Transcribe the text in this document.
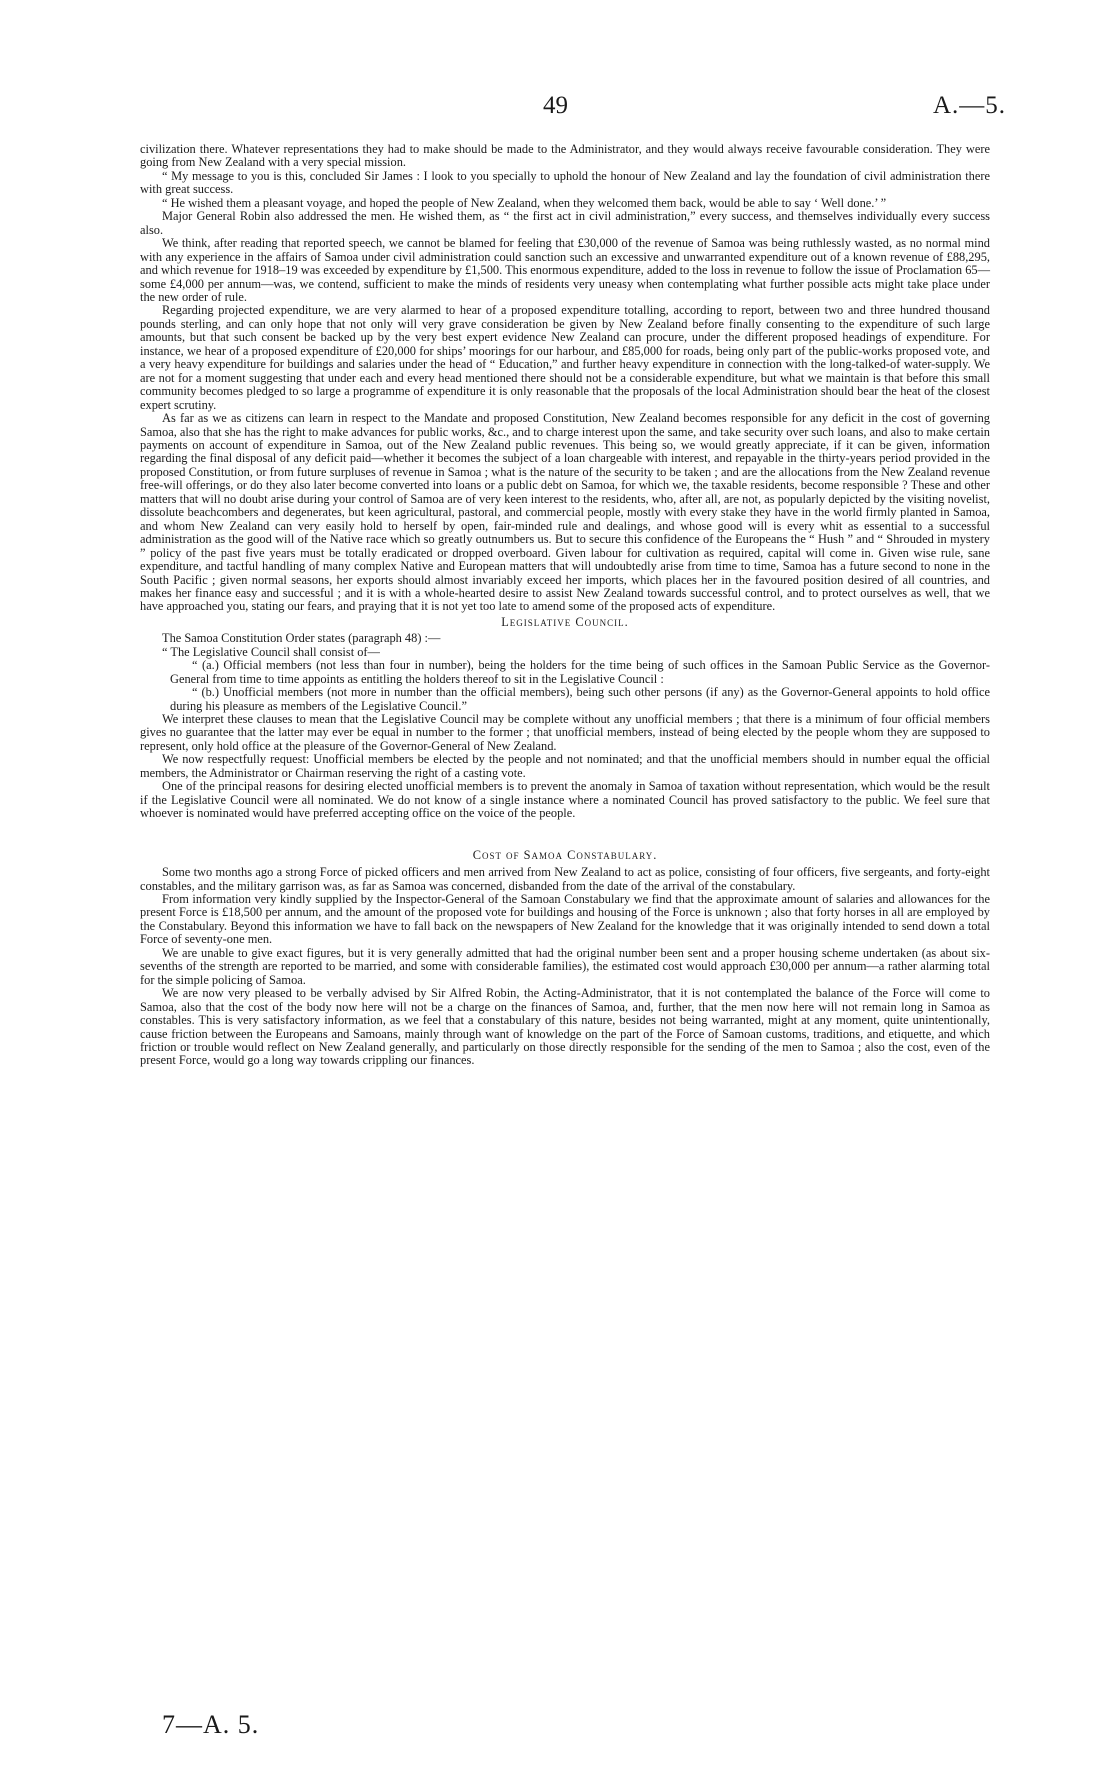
49	A.—5.

civilization there. Whatever representations they had to make should be made to the Administrator, and they would always receive favourable consideration. They were going from New Zealand with a very special mission.

“ My message to you is this, concluded Sir James : I look to you specially to uphold the honour of New Zealand and lay the foundation of civil administration there with great success.

“ He wished them a pleasant voyage, and hoped the people of New Zealand, when they welcomed them back, would be able to say ‘ Well done.’ ”

Major General Robin also addressed the men. He wished them, as “ the first act in civil administration,” every success, and themselves individually every success also.

We think, after reading that reported speech, we cannot be blamed for feeling that £30,000 of the revenue of Samoa was being ruthlessly wasted, as no normal mind with any experience in the affairs of Samoa under civil administration could sanction such an excessive and unwarranted expenditure out of a known revenue of £88,295, and which revenue for 1918–19 was exceeded by expenditure by £1,500. This enormous expenditure, added to the loss in revenue to follow the issue of Proclamation 65—some £4,000 per annum—was, we contend, sufficient to make the minds of residents very uneasy when contemplating what further possible acts might take place under the new order of rule.

Regarding projected expenditure, we are very alarmed to hear of a proposed expenditure totalling, according to report, between two and three hundred thousand pounds sterling, and can only hope that not only will very grave consideration be given by New Zealand before finally consenting to the expenditure of such large amounts, but that such consent be backed up by the very best expert evidence New Zealand can procure, under the different proposed headings of expenditure. For instance, we hear of a proposed expenditure of £20,000 for ships’ moorings for our harbour, and £85,000 for roads, being only part of the public-works proposed vote, and a very heavy expenditure for buildings and salaries under the head of “ Education,” and further heavy expenditure in connection with the long-talked-of water-supply. We are not for a moment suggesting that under each and every head mentioned there should not be a considerable expenditure, but what we maintain is that before this small community becomes pledged to so large a programme of expenditure it is only reasonable that the proposals of the local Administration should bear the heat of the closest expert scrutiny.

As far as we as citizens can learn in respect to the Mandate and proposed Constitution, New Zealand becomes responsible for any deficit in the cost of governing Samoa, also that she has the right to make advances for public works, &c., and to charge interest upon the same, and take security over such loans, and also to make certain payments on account of expenditure in Samoa, out of the New Zealand public revenues. This being so, we would greatly appreciate, if it can be given, information regarding the final disposal of any deficit paid—whether it becomes the subject of a loan chargeable with interest, and repayable in the thirty-years period provided in the proposed Constitution, or from future surpluses of revenue in Samoa ; what is the nature of the security to be taken ; and are the allocations from the New Zealand revenue free-will offerings, or do they also later become converted into loans or a public debt on Samoa, for which we, the taxable residents, become responsible ? These and other matters that will no doubt arise during your control of Samoa are of very keen interest to the residents, who, after all, are not, as popularly depicted by the visiting novelist, dissolute beachcombers and degenerates, but keen agricultural, pastoral, and commercial people, mostly with every stake they have in the world firmly planted in Samoa, and whom New Zealand can very easily hold to herself by open, fair-minded rule and dealings, and whose good will is every whit as essential to a successful administration as the good will of the Native race which so greatly outnumbers us. But to secure this confidence of the Europeans the “ Hush ” and “ Shrouded in mystery ” policy of the past five years must be totally eradicated or dropped overboard. Given labour for cultivation as required, capital will come in. Given wise rule, sane expenditure, and tactful handling of many complex Native and European matters that will undoubtedly arise from time to time, Samoa has a future second to none in the South Pacific ; given normal seasons, her exports should almost invariably exceed her imports, which places her in the favoured position desired of all countries, and makes her finance easy and successful ; and it is with a whole-hearted desire to assist New Zealand towards successful control, and to protect ourselves as well, that we have approached you, stating our fears, and praying that it is not yet too late to amend some of the proposed acts of expenditure.

Legislative Council.

The Samoa Constitution Order states (paragraph 48) :—

“ The Legislative Council shall consist of—

“ (a.) Official members (not less than four in number), being the holders for the time being of such offices in the Samoan Public Service as the Governor-General from time to time appoints as entitling the holders thereof to sit in the Legislative Council :

“ (b.) Unofficial members (not more in number than the official members), being such other persons (if any) as the Governor-General appoints to hold office during his pleasure as members of the Legislative Council.”

We interpret these clauses to mean that the Legislative Council may be complete without any unofficial members ; that there is a minimum of four official members gives no guarantee that the latter may ever be equal in number to the former ; that unofficial members, instead of being elected by the people whom they are supposed to represent, only hold office at the pleasure of the Governor-General of New Zealand.

We now respectfully request: Unofficial members be elected by the people and not nominated; and that the unofficial members should in number equal the official members, the Administrator or Chairman reserving the right of a casting vote.

One of the principal reasons for desiring elected unofficial members is to prevent the anomaly in Samoa of taxation without representation, which would be the result if the Legislative Council were all nominated. We do not know of a single instance where a nominated Council has proved satisfactory to the public. We feel sure that whoever is nominated would have preferred accepting office on the voice of the people.

Cost of Samoa Constabulary.

Some two months ago a strong Force of picked officers and men arrived from New Zealand to act as police, consisting of four officers, five sergeants, and forty-eight constables, and the military garrison was, as far as Samoa was concerned, disbanded from the date of the arrival of the constabulary.

From information very kindly supplied by the Inspector-General of the Samoan Constabulary we find that the approximate amount of salaries and allowances for the present Force is £18,500 per annum, and the amount of the proposed vote for buildings and housing of the Force is unknown ; also that forty horses in all are employed by the Constabulary. Beyond this information we have to fall back on the newspapers of New Zealand for the knowledge that it was originally intended to send down a total Force of seventy-one men.

We are unable to give exact figures, but it is very generally admitted that had the original number been sent and a proper housing scheme undertaken (as about six-sevenths of the strength are reported to be married, and some with considerable families), the estimated cost would approach £30,000 per annum—a rather alarming total for the simple policing of Samoa.

We are now very pleased to be verbally advised by Sir Alfred Robin, the Acting-Administrator, that it is not contemplated the balance of the Force will come to Samoa, also that the cost of the body now here will not be a charge on the finances of Samoa, and, further, that the men now here will not remain long in Samoa as constables. This is very satisfactory information, as we feel that a constabulary of this nature, besides not being warranted, might at any moment, quite unintentionally, cause friction between the Europeans and Samoans, mainly through want of knowledge on the part of the Force of Samoan customs, traditions, and etiquette, and which friction or trouble would reflect on New Zealand generally, and particularly on those directly responsible for the sending of the men to Samoa ; also the cost, even of the present Force, would go a long way towards crippling our finances.

7—A. 5.
